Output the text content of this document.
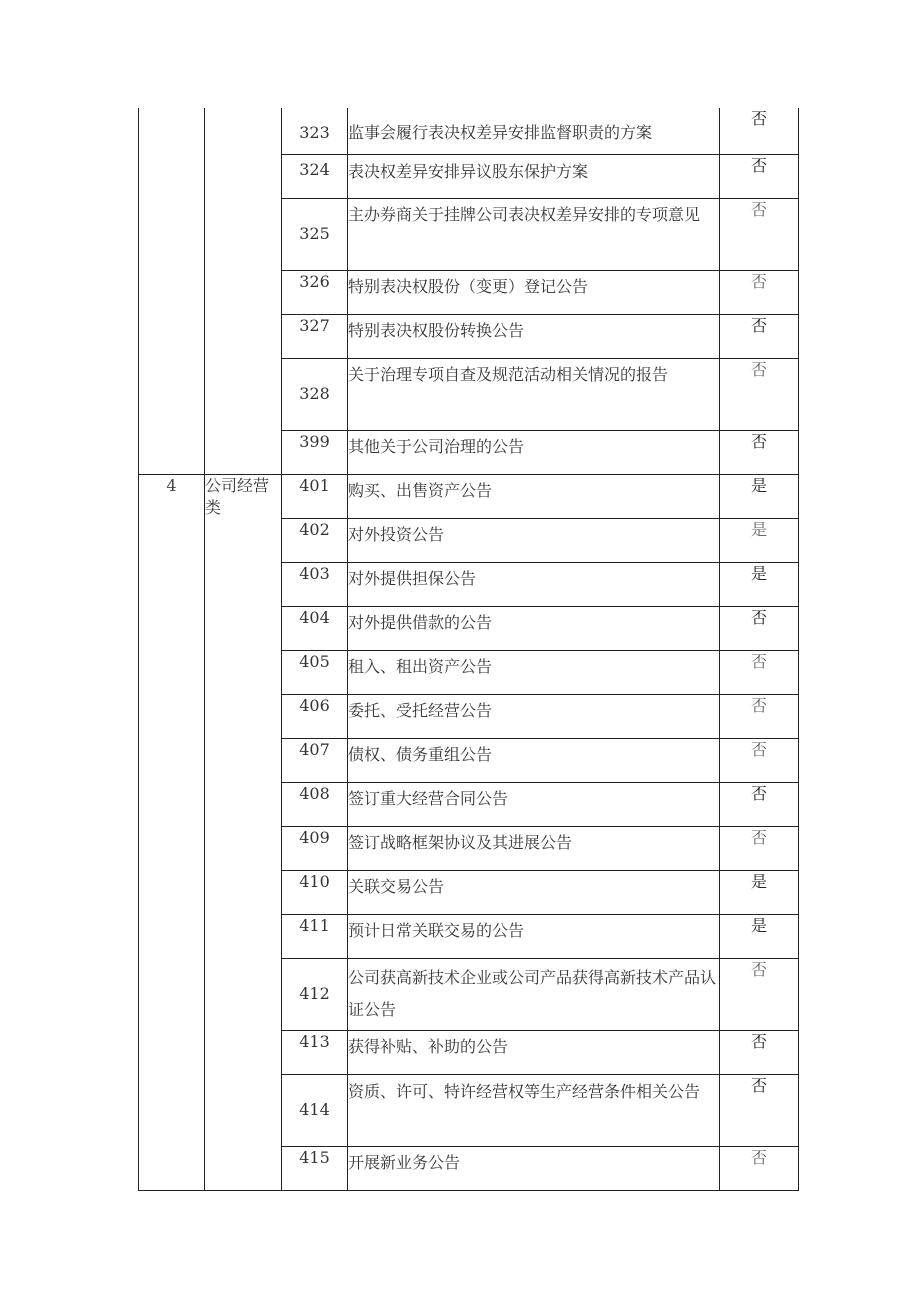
		323	监事会履行表决权差异安排监督职责的方案	否
		324	表决权差异安排异议股东保护方案	否
		325	主办券商关于挂牌公司表决权差异安排的专项意见	否
		326	特别表决权股份（变更）登记公告	否
		327	特别表决权股份转换公告	否
		328	关于治理专项自查及规范活动相关情况的报告	否
		399	其他关于公司治理的公告	否
4	公司经营类	401	购买、出售资产公告	是
		402	对外投资公告	是
		403	对外提供担保公告	是
		404	对外提供借款的公告	否
		405	租入、租出资产公告	否
		406	委托、受托经营公告	否
		407	债权、债务重组公告	否
		408	签订重大经营合同公告	否
		409	签订战略框架协议及其进展公告	否
		410	关联交易公告	是
		411	预计日常关联交易的公告	是
		412	公司获高新技术企业或公司产品获得高新技术产品认证公告	否
		413	获得补贴、补助的公告	否
		414	资质、许可、特许经营权等生产经营条件相关公告	否
		415	开展新业务公告	否
